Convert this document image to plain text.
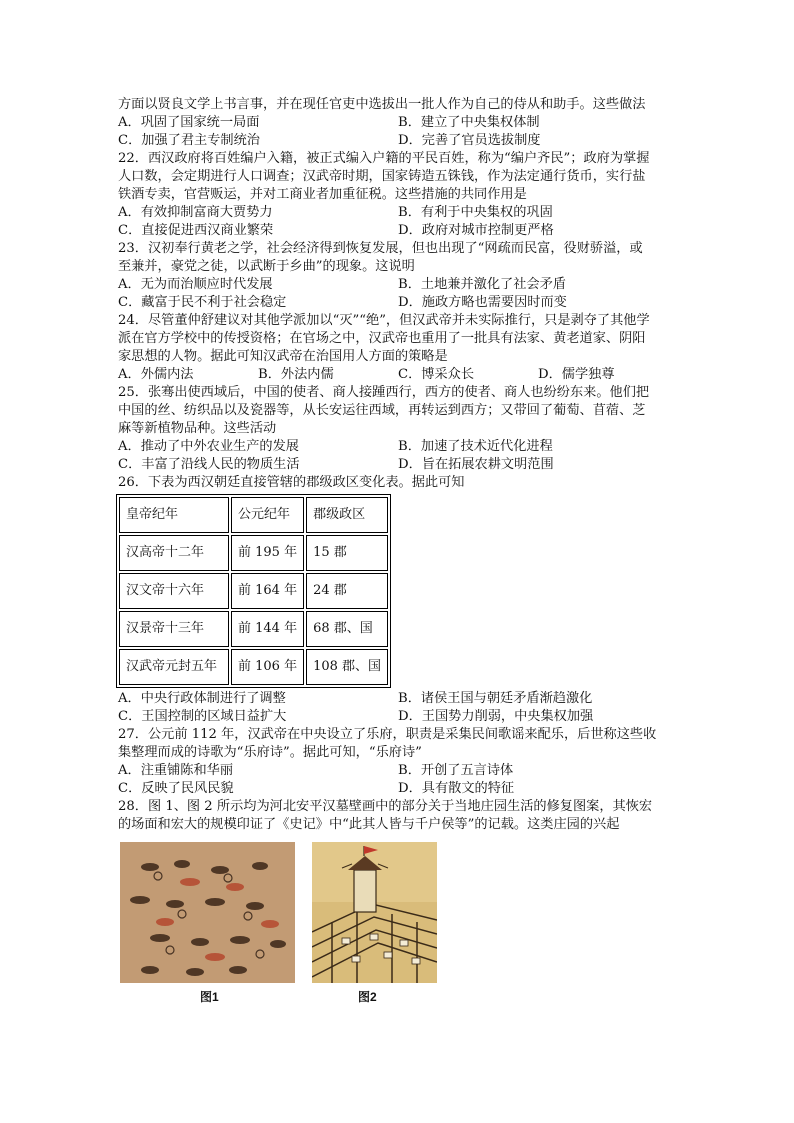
方面以贤良文学上书言事，并在现任官吏中选拔出一批人作为自己的侍从和助手。这些做法
A．巩固了国家统一局面	B．建立了中央集权体制
C．加强了君主专制统治	D．完善了官员选拔制度
22．西汉政府将百姓编户入籍，被正式编入户籍的平民百姓，称为“编户齐民”；政府为掌握
人口数，会定期进行人口调查；汉武帝时期，国家铸造五铢钱，作为法定通行货币，实行盐
铁酒专卖，官营贩运，并对工商业者加重征税。这些措施的共同作用是
A．有效抑制富商大贾势力	B．有利于中央集权的巩固
C．直接促进西汉商业繁荣	D．政府对城市控制更严格
23．汉初奉行黄老之学，社会经济得到恢复发展，但也出现了“网疏而民富，役财骄溢，或
至兼并，豪党之徒，以武断于乡曲”的现象。这说明
A．无为而治顺应时代发展	B．土地兼并激化了社会矛盾
C．藏富于民不利于社会稳定	D．施政方略也需要因时而变
24．尽管董仲舒建议对其他学派加以“灭”“绝”，但汉武帝并未实际推行，只是剥夺了其他学
派在官方学校中的传授资格；在官场之中，汉武帝也重用了一批具有法家、黄老道家、阴阳
家思想的人物。据此可知汉武帝在治国用人方面的策略是
A．外儒内法	B．外法内儒	C．博采众长	D．儒学独尊
25．张骞出使西域后，中国的使者、商人接踵西行，西方的使者、商人也纷纷东来。他们把
中国的丝、纺织品以及瓷器等，从长安运往西域，再转运到西方；又带回了葡萄、苜蓿、芝
麻等新植物品种。这些活动
A．推动了中外农业生产的发展	B．加速了技术近代化进程
C．丰富了沿线人民的物质生活	D．旨在拓展农耕文明范围
26．下表为西汉朝廷直接管辖的郡级政区变化表。据此可知
皇帝纪年	公元纪年	郡级政区
汉高帝十二年	前 195 年	15 郡
汉文帝十六年	前 164 年	24 郡
汉景帝十三年	前 144 年	68 郡、国
汉武帝元封五年	前 106 年	108 郡、国
A．中央行政体制进行了调整	B．诸侯王国与朝廷矛盾渐趋激化
C．王国控制的区域日益扩大	D．王国势力削弱，中央集权加强
27．公元前 112 年，汉武帝在中央设立了乐府，职责是采集民间歌谣来配乐，后世称这些收
集整理而成的诗歌为“乐府诗”。据此可知，“乐府诗”
A．注重铺陈和华丽	B．开创了五言诗体
C．反映了民风民貌	D．具有散文的特征
28．图 1、图 2 所示均为河北安平汉墓壁画中的部分关于当地庄园生活的修复图案，其恢宏
的场面和宏大的规模印证了《史记》中“此其人皆与千户侯等”的记载。这类庄园的兴起
图1	图2
